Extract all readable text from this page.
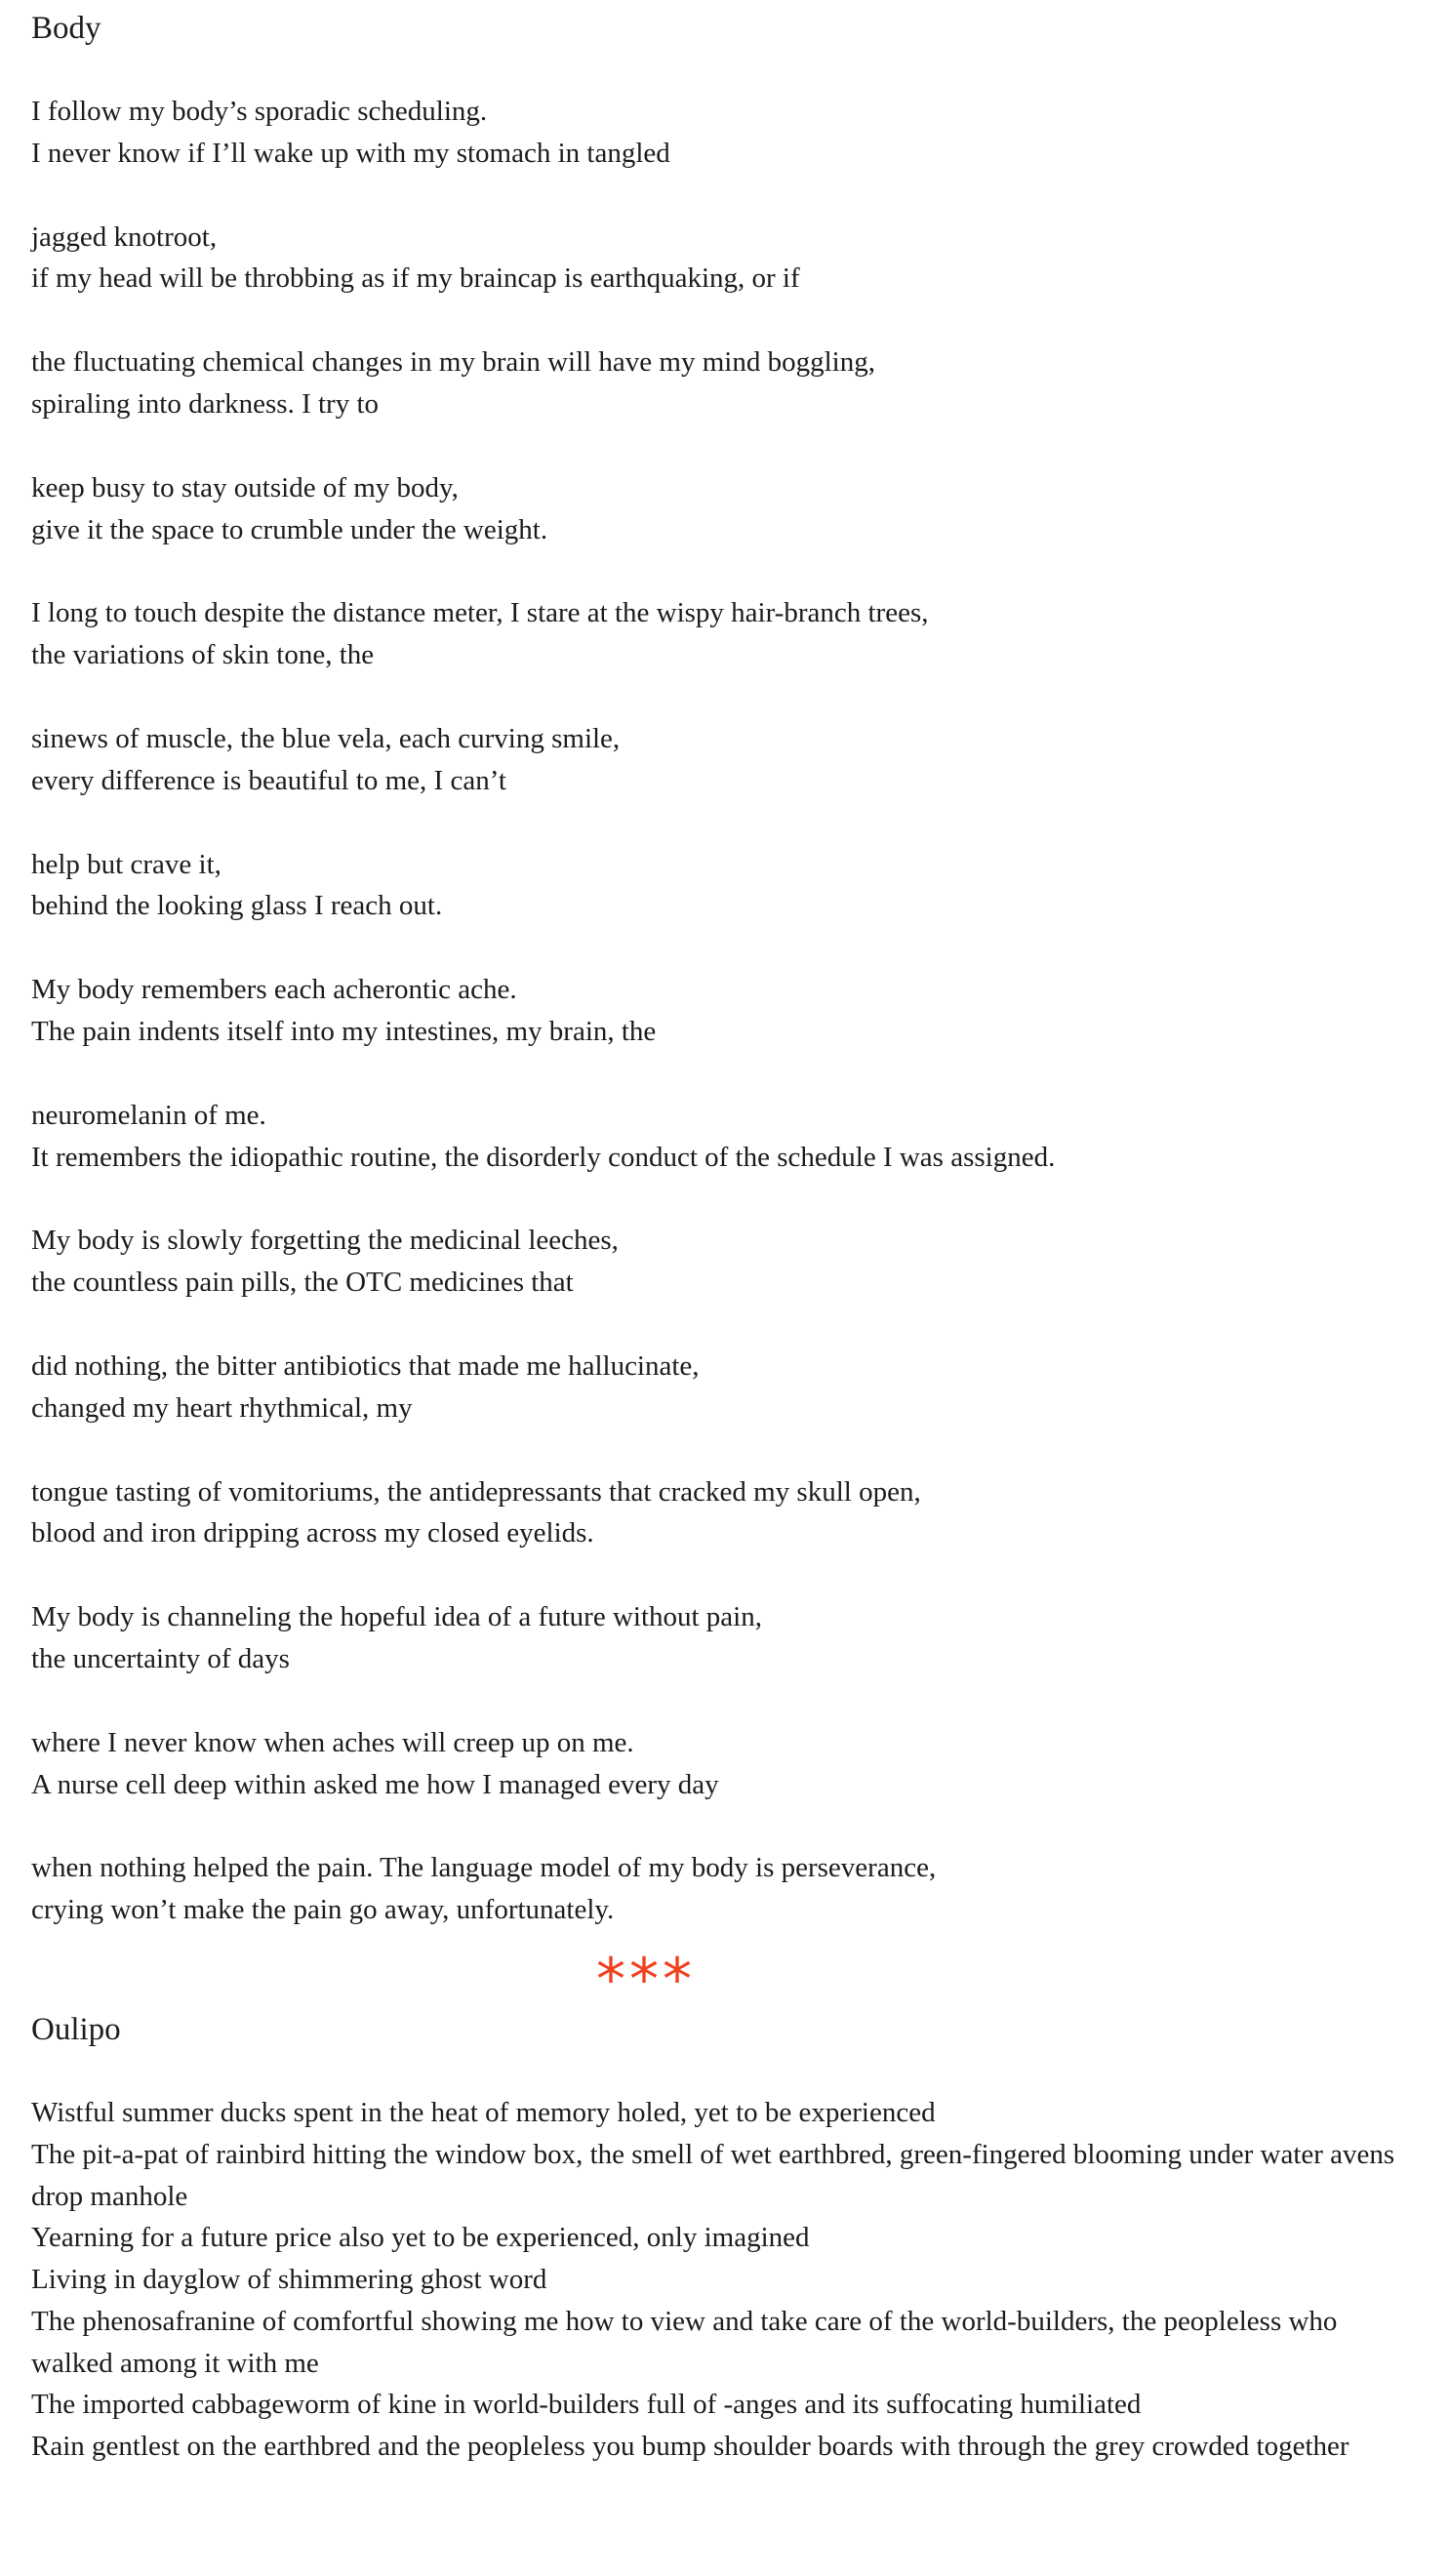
Body
I follow my body’s sporadic scheduling.
I never know if I’ll wake up with my stomach in tangled
jagged knotroot,
if my head will be throbbing as if my braincap is earthquaking, or if
the fluctuating chemical changes in my brain will have my mind boggling,
spiraling into darkness. I try to
keep busy to stay outside of my body,
give it the space to crumble under the weight.
I long to touch despite the distance meter, I stare at the wispy hair-branch trees,
the variations of skin tone, the
sinews of muscle, the blue vela, each curving smile,
every difference is beautiful to me, I can’t
help but crave it,
behind the looking glass I reach out.
My body remembers each acherontic ache.
The pain indents itself into my intestines, my brain, the
neuromelanin of me.
It remembers the idiopathic routine, the disorderly conduct of the schedule I was assigned.
My body is slowly forgetting the medicinal leeches,
the countless pain pills, the OTC medicines that
did nothing, the bitter antibiotics that made me hallucinate,
changed my heart rhythmical, my
tongue tasting of vomitoriums, the antidepressants that cracked my skull open,
blood and iron dripping across my closed eyelids.
My body is channeling the hopeful idea of a future without pain,
the uncertainty of days
where I never know when aches will creep up on me.
A nurse cell deep within asked me how I managed every day
when nothing helped the pain. The language model of my body is perseverance,
crying won’t make the pain go away, unfortunately.
***
Oulipo
Wistful summer ducks spent in the heat of memory holed, yet to be experienced
The pit-a-pat of rainbird hitting the window box, the smell of wet earthbred, green-fingered blooming under water avens drop manhole
Yearning for a future price also yet to be experienced, only imagined
Living in dayglow of shimmering ghost word
The phenosafranine of comfortful showing me how to view and take care of the world-builders, the peopleless who walked among it with me
The imported cabbageworm of kine in world-builders full of -anges and its suffocating humiliated
Rain gentlest on the earthbred and the peopleless you bump shoulder boards with through the grey crowded together
